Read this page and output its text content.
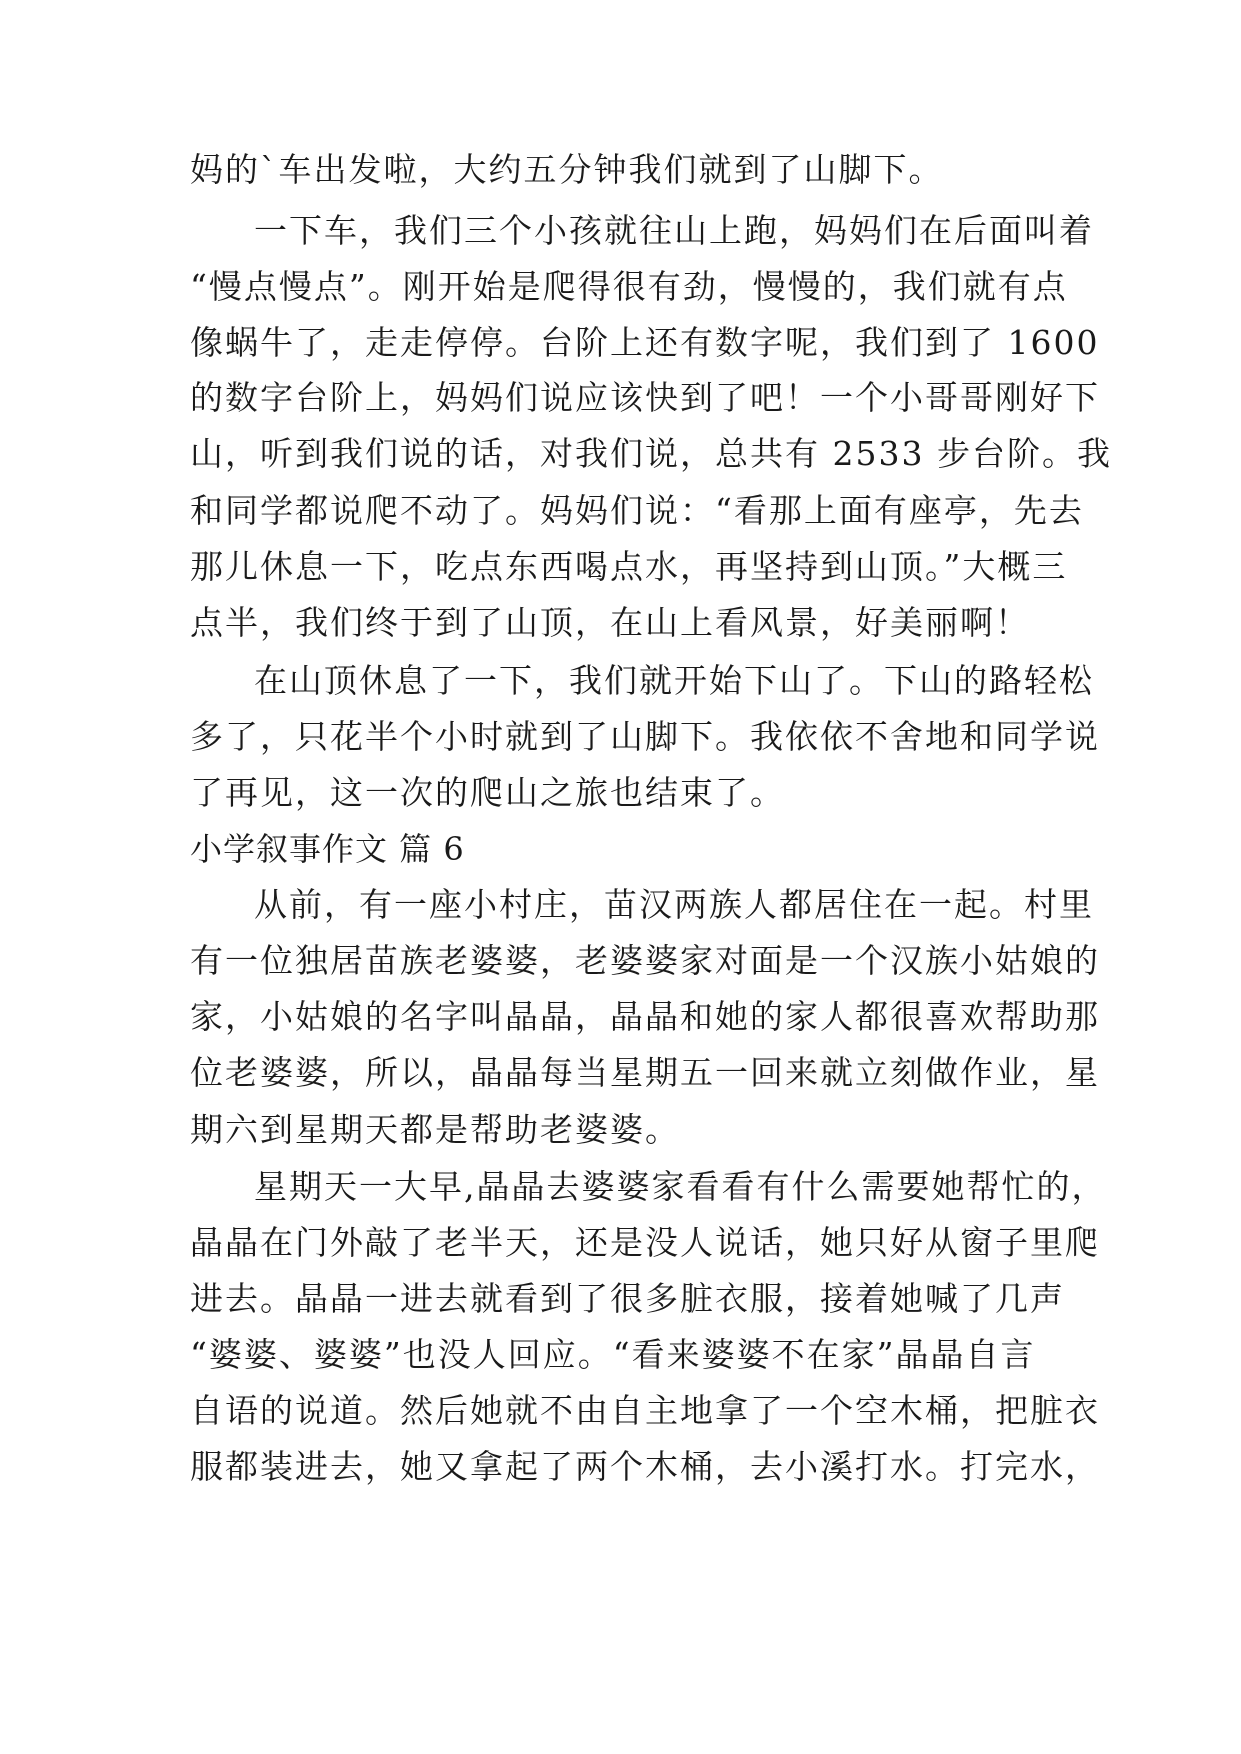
妈的`车出发啦，大约五分钟我们就到了山脚下。
一下车，我们三个小孩就往山上跑，妈妈们在后面叫着
“慢点慢点”。刚开始是爬得很有劲，慢慢的，我们就有点
像蜗牛了，走走停停。台阶上还有数字呢，我们到了 1600
的数字台阶上，妈妈们说应该快到了吧！一个小哥哥刚好下
山，听到我们说的话，对我们说，总共有 2533 步台阶。我
和同学都说爬不动了。妈妈们说：“看那上面有座亭，先去
那儿休息一下，吃点东西喝点水，再坚持到山顶。”大概三
点半，我们终于到了山顶，在山上看风景，好美丽啊！
在山顶休息了一下，我们就开始下山了。下山的路轻松
多了，只花半个小时就到了山脚下。我依依不舍地和同学说
了再见，这一次的爬山之旅也结束了。
小学叙事作文 篇 6
从前，有一座小村庄，苗汉两族人都居住在一起。村里
有一位独居苗族老婆婆，老婆婆家对面是一个汉族小姑娘的
家，小姑娘的名字叫晶晶，晶晶和她的家人都很喜欢帮助那
位老婆婆，所以，晶晶每当星期五一回来就立刻做作业，星
期六到星期天都是帮助老婆婆。
星期天一大早,晶晶去婆婆家看看有什么需要她帮忙的，
晶晶在门外敲了老半天，还是没人说话，她只好从窗子里爬
进去。晶晶一进去就看到了很多脏衣服，接着她喊了几声
“婆婆、婆婆”也没人回应。“看来婆婆不在家”晶晶自言
自语的说道。然后她就不由自主地拿了一个空木桶，把脏衣
服都装进去，她又拿起了两个木桶，去小溪打水。打完水，
